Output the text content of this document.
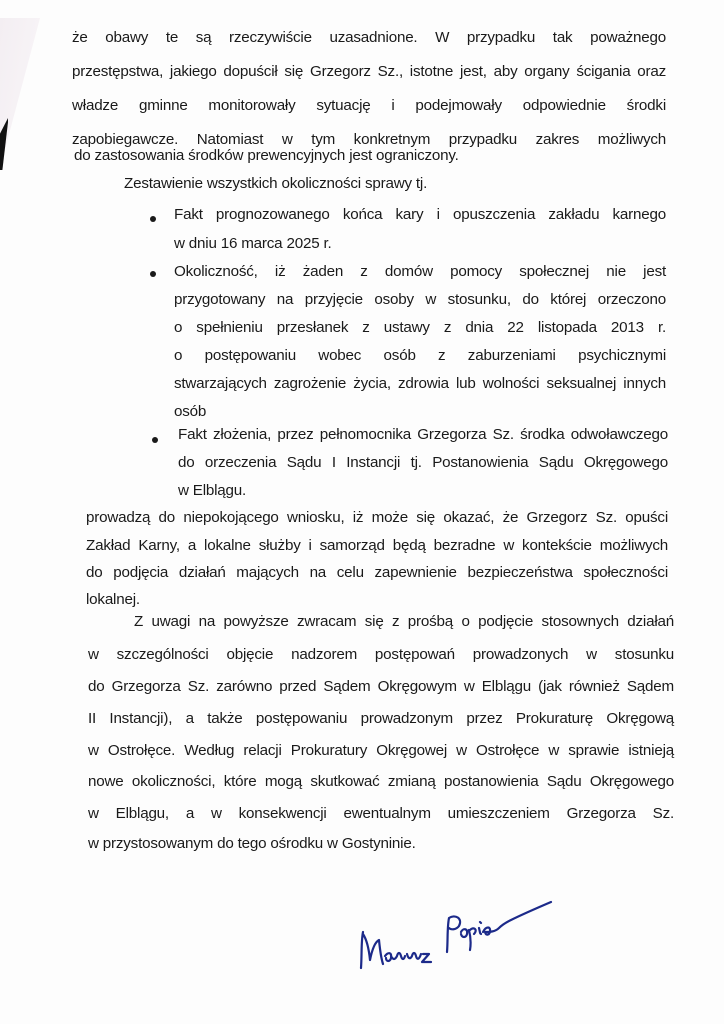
że obawy te są rzeczywiście uzasadnione. W przypadku tak poważnego
przestępstwa, jakiego dopuścił się Grzegorz Sz., istotne jest, aby organy ścigania oraz
władze gminne monitorowały sytuację i podejmowały odpowiednie środki
zapobiegawcze. Natomiast w tym konkretnym przypadku zakres możliwych
do zastosowania środków prewencyjnych jest ograniczony.
Zestawienie wszystkich okoliczności sprawy tj.
Fakt prognozowanego końca kary i opuszczenia zakładu karnego
w dniu 16 marca 2025 r.
Okoliczność, iż żaden z domów pomocy społecznej nie jest
przygotowany na przyjęcie osoby w stosunku, do której orzeczono
o spełnieniu przesłanek z ustawy z dnia 22 listopada 2013 r.
o postępowaniu wobec osób z zaburzeniami psychicznymi
stwarzających zagrożenie życia, zdrowia lub wolności seksualnej innych
osób
Fakt złożenia, przez pełnomocnika Grzegorza Sz. środka odwoławczego
do orzeczenia Sądu I Instancji tj. Postanowienia Sądu Okręgowego
w Elblągu.
prowadzą do niepokojącego wniosku, iż może się okazać, że Grzegorz Sz. opuści
Zakład Karny, a lokalne służby i samorząd będą bezradne w kontekście możliwych
do podjęcia działań mających na celu zapewnienie bezpieczeństwa społeczności
lokalnej.
Z uwagi na powyższe zwracam się z prośbą o podjęcie stosownych działań
w szczególności objęcie nadzorem postępowań prowadzonych w stosunku
do Grzegorza Sz. zarówno przed Sądem Okręgowym w Elblągu (jak również Sądem
II Instancji), a także postępowaniu prowadzonym przez Prokuraturę Okręgową
w Ostrołęce. Według relacji Prokuratury Okręgowej w Ostrołęce w sprawie istnieją
nowe okoliczności, które mogą skutkować zmianą postanowienia Sądu Okręgowego
w Elblągu, a w konsekwencji ewentualnym umieszczeniem Grzegorza Sz.
w przystosowanym do tego ośrodku w Gostyninie.
